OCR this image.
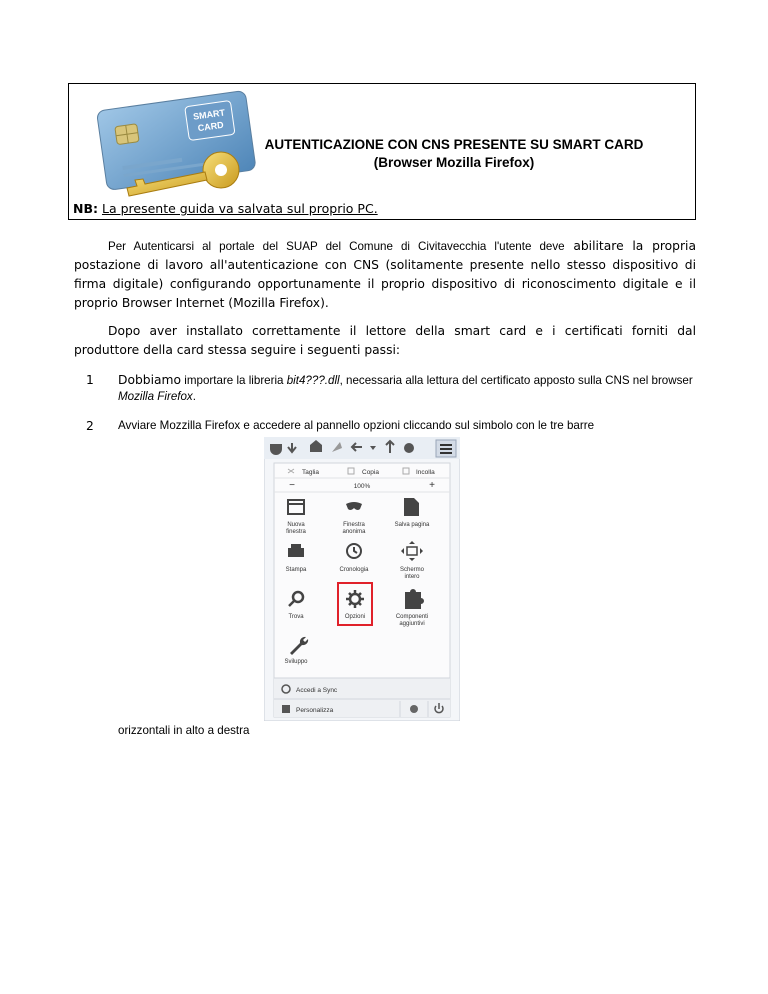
SMART
CARD
AUTENTICAZIONE CON CNS PRESENTE SU SMART CARD
(Browser Mozilla Firefox)
NB: La presente guida va salvata sul proprio PC.
Per Autenticarsi al portale del SUAP del Comune di Civitavecchia l'utente deve abilitare la propria postazione di lavoro all'autenticazione con CNS (solitamente presente nello stesso dispositivo di firma digitale) configurando opportunamente il proprio dispositivo di riconoscimento digitale e il proprio Browser Internet (Mozilla Firefox).
Dopo aver installato correttamente il lettore della smart card e i certificati forniti dal produttore della card stessa seguire i seguenti passi:
1 Dobbiamo importare la libreria bit4???.dll, necessaria alla lettura del certificato apposto sulla CNS nel browser Mozilla Firefox.
2 Avviare Mozzilla Firefox e accedere al pannello opzioni cliccando sul simbolo con le tre barre
Taglia	Copia	Incolla
−	100%	+
Nuova
finestra
Finestra
anonima
Salva pagina
Stampa	Cronologia	Schermo
intero
Trova	Opzioni	Componenti
aggiuntivi
Sviluppo
Accedi a Sync
Personalizza
orizzontali in alto a destra
